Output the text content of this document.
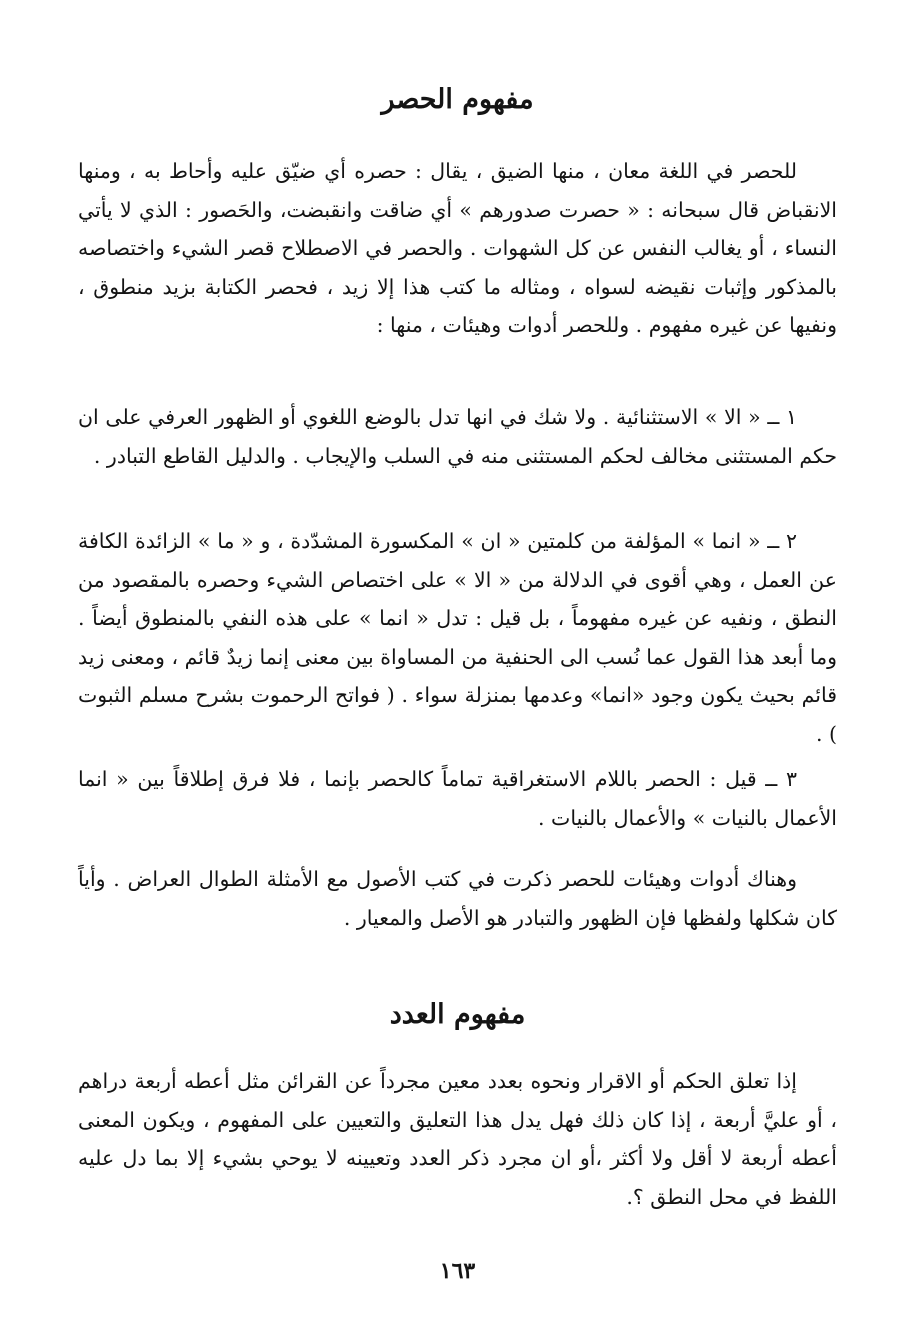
مفهوم الحصر

للحصر في اللغة معان ، منها الضيق ، يقال : حصره أي ضيّق عليه وأحاط به ، ومنها الانقباض قال سبحانه : « حصرت صدورهم » أي ضاقت وانقبضت، والحَصور : الذي لا يأتي النساء ، أو يغالب النفس عن كل الشهوات . والحصر في الاصطلاح قصر الشيء واختصاصه بالمذكور وإثبات نقيضه لسواه ، ومثاله ما كتب هذا إلا زيد ، فحصر الكتابة بزيد منطوق ، ونفيها عن غيره مفهوم . وللحصر أدوات وهيئات ، منها :

١ ــ « الا » الاستثنائية . ولا شك في انها تدل بالوضع اللغوي أو الظهور العرفي على ان حكم المستثنى مخالف لحكم المستثنى منه في السلب والإيجاب . والدليل القاطع التبادر .

٢ ــ « انما » المؤلفة من كلمتين « ان » المكسورة المشدّدة ، و « ما » الزائدة الكافة عن العمل ، وهي أقوى في الدلالة من « الا » على اختصاص الشيء وحصره بالمقصود من النطق ، ونفيه عن غيره مفهوماً ، بل قيل : تدل « انما » على هذه النفي بالمنطوق أيضاً . وما أبعد هذا القول عما نُسب الى الحنفية من المساواة بين معنى إنما زيدٌ قائم ، ومعنى زيد قائم بحيث يكون وجود «انما» وعدمها بمنزلة سواء . ( فواتح الرحموت بشرح مسلم الثبوت ) .

٣ ــ قيل : الحصر باللام الاستغراقية تماماً كالحصر بإنما ، فلا فرق إطلاقاً بين « انما الأعمال بالنيات » والأعمال بالنيات .

وهناك أدوات وهيئات للحصر ذكرت في كتب الأصول مع الأمثلة الطوال العراض . وأياً كان شكلها ولفظها فإن الظهور والتبادر هو الأصل والمعيار .

مفهوم العدد

إذا تعلق الحكم أو الاقرار ونحوه بعدد معين مجرداً عن القرائن مثل أعطه أربعة دراهم ، أو عليَّ أربعة ، إذا كان ذلك فهل يدل هذا التعليق والتعيين على المفهوم ، ويكون المعنى أعطه أربعة لا أقل ولا أكثر ،أو ان مجرد ذكر العدد وتعيينه لا يوحي بشيء إلا بما دل عليه اللفظ في محل النطق ؟.

١٦٣
